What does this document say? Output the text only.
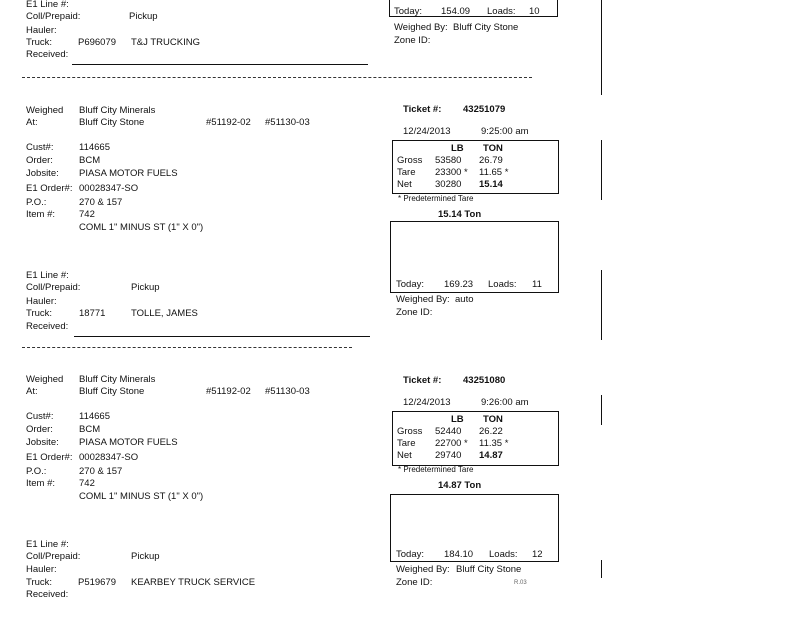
E1 Line #:
Coll/Prepaid:	Pickup
Hauler:
Truck:	P696079 T&J TRUCKING
Received:
Today: 154.09 Loads: 10
Weighed By: Bluff City Stone
Zone ID:
Weighed Bluff City Minerals
At:	Bluff City Stone	#51192-02 #51130-03
Ticket #: 43251079
12/24/2013	9:25:00 am
LB TON
Gross 53580 26.79
Tare 23300 * 11.65 *
Net 30280 15.14
* Predetermined Tare
15.14 Ton
Cust#:	114665
Order:	BCM
Jobsite: PIASA MOTOR FUELS
E1 Order#: 00028347-SO
P.O.:	270 & 157
Item #:	742
COML 1" MINUS ST (1" X 0")
Today: 169.23 Loads: 11
Weighed By: auto
Zone ID:
E1 Line #:
Coll/Prepaid:	Pickup
Hauler:
Truck:	18771	TOLLE, JAMES
Received:
Weighed Bluff City Minerals
At:	Bluff City Stone	#51192-02 #51130-03
Ticket #: 43251080
12/24/2013	9:26:00 am
LB TON
Gross 52440 26.22
Tare 22700 * 11.35 *
Net 29740 14.87
* Predetermined Tare
14.87 Ton
Cust#:	114665
Order:	BCM
Jobsite: PIASA MOTOR FUELS
E1 Order#: 00028347-SO
P.O.:	270 & 157
Item #:	742
COML 1" MINUS ST (1" X 0")
Today: 184.10 Loads: 12
Weighed By: Bluff City Stone
Zone ID:	R.03
E1 Line #:
Coll/Prepaid:	Pickup
Hauler:
Truck:	P519679 KEARBEY TRUCK SERVICE
Received:
